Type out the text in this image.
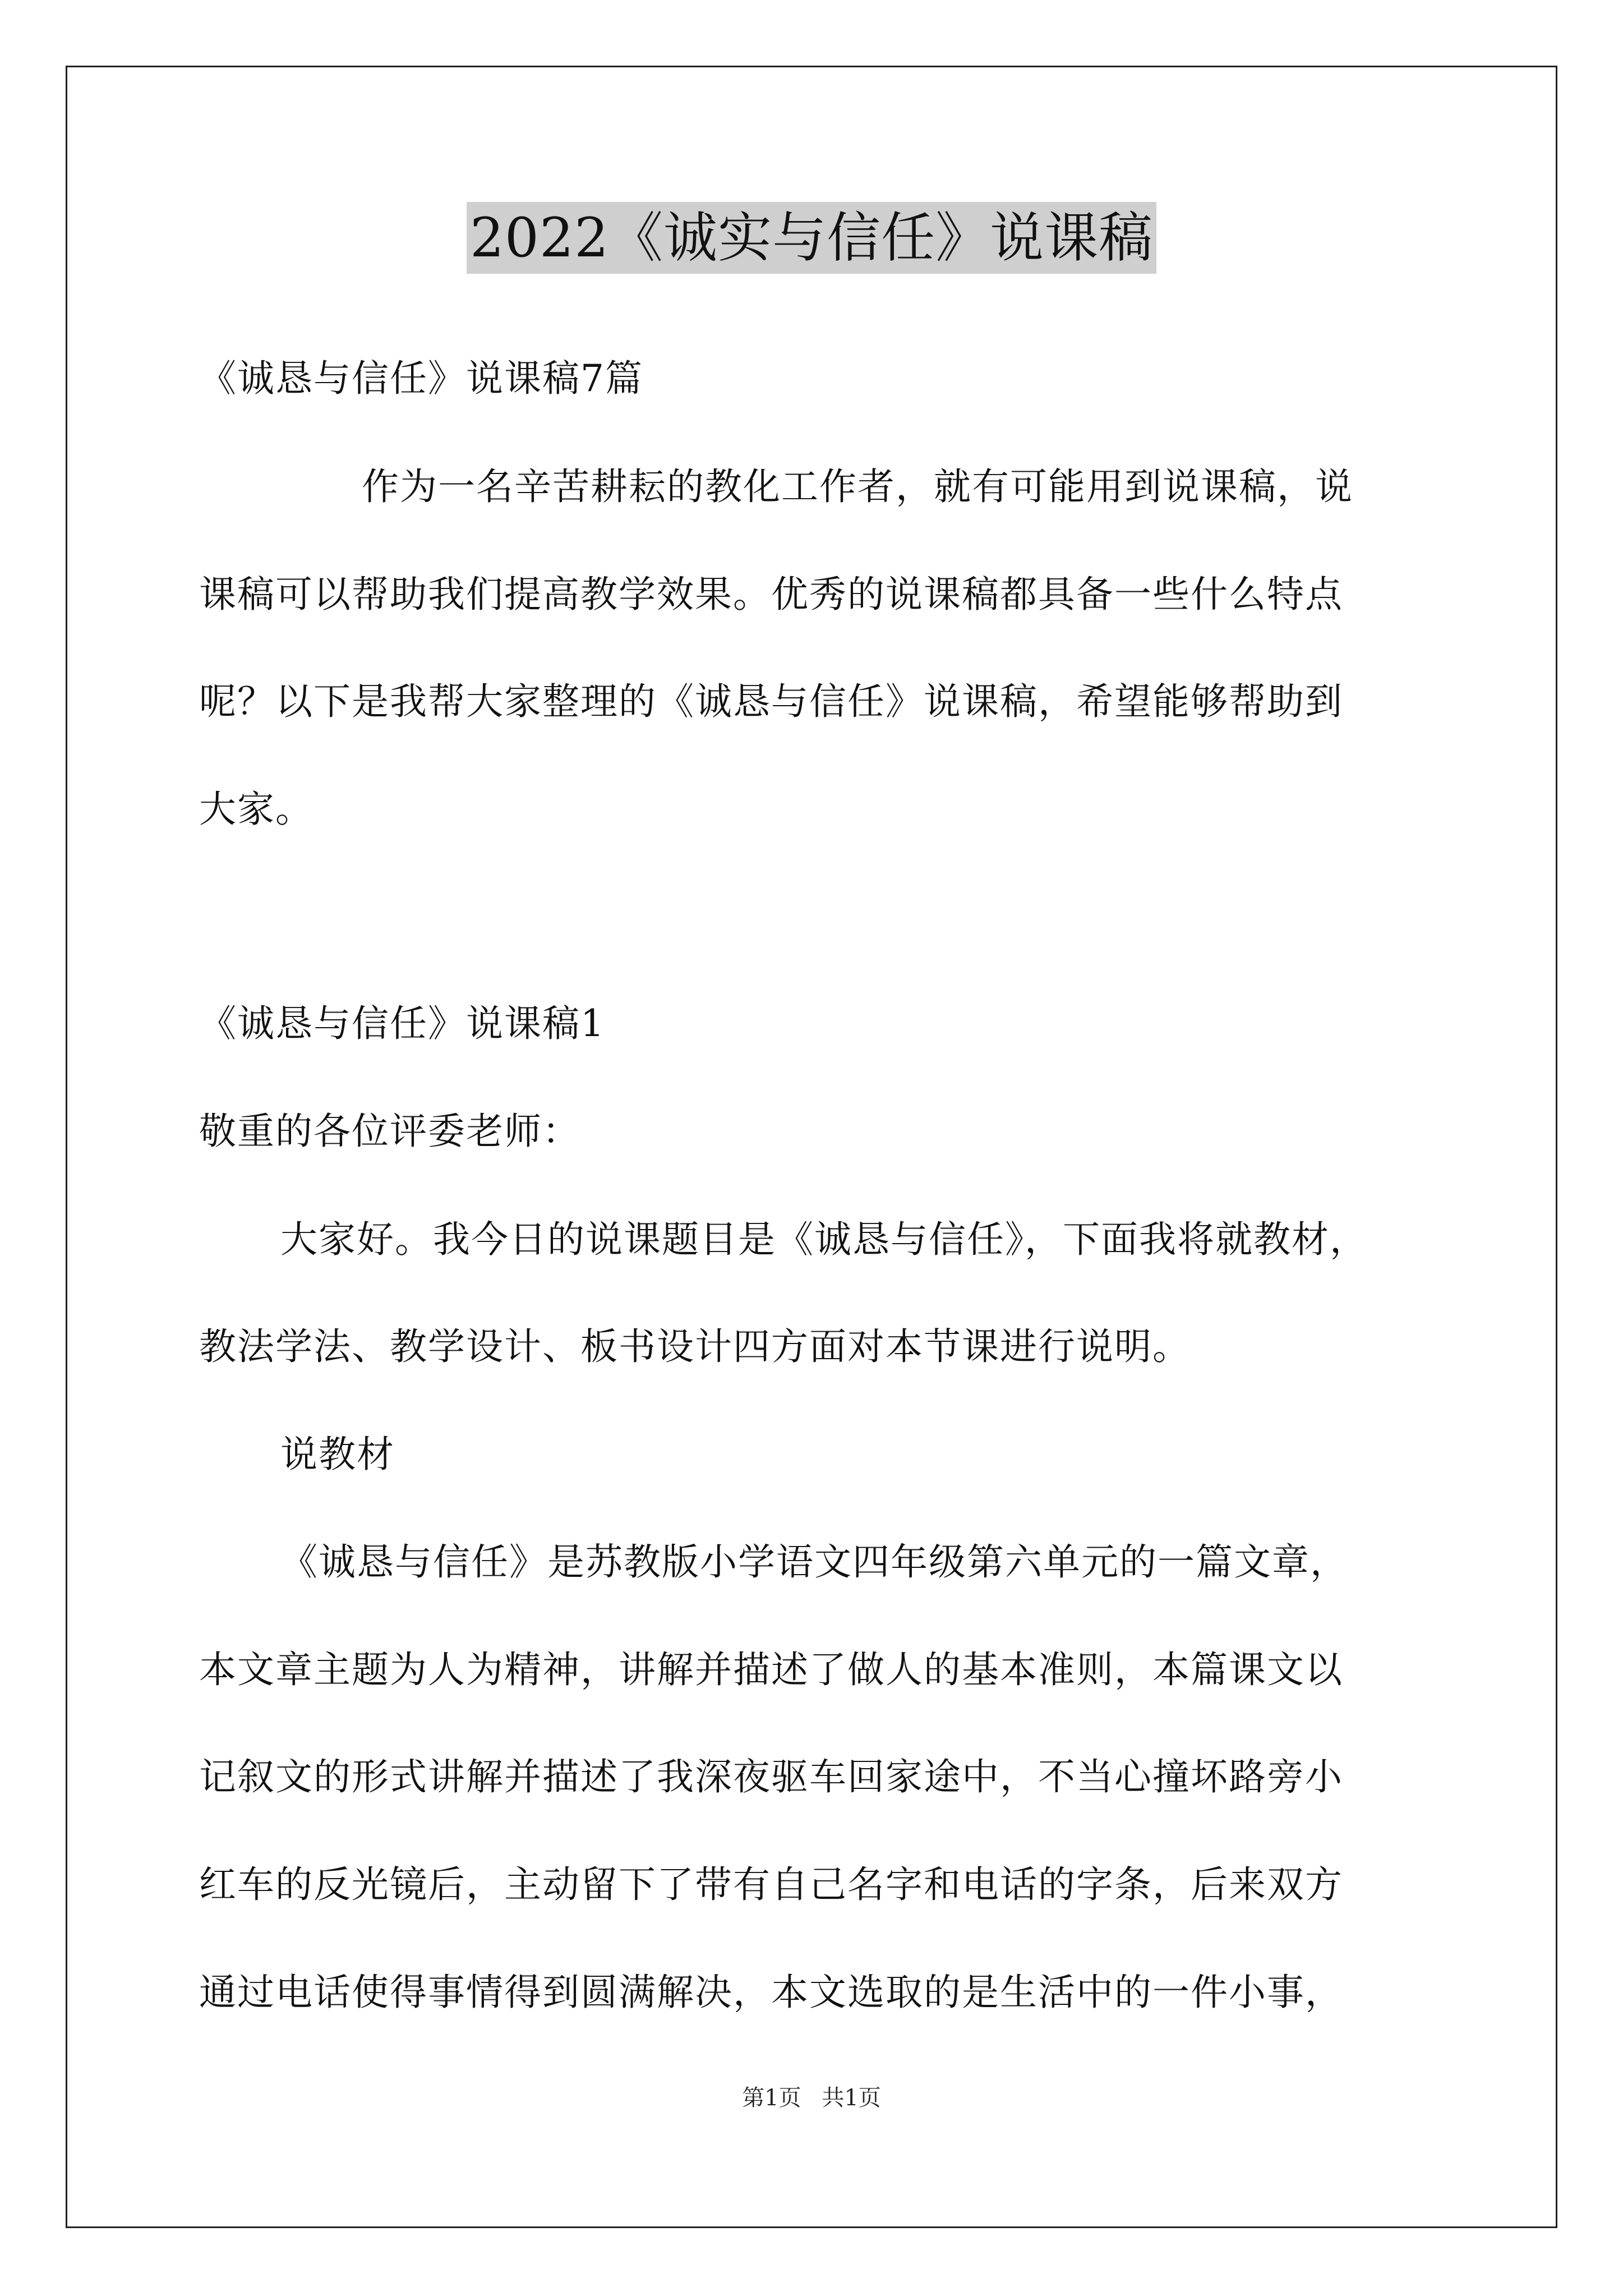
2022《诚实与信任》说课稿
《诚恳与信任》说课稿7篇
作为一名辛苦耕耘的教化工作者，就有可能用到说课稿，说
课稿可以帮助我们提高教学效果。优秀的说课稿都具备一些什么特点
呢？以下是我帮大家整理的《诚恳与信任》说课稿，希望能够帮助到
大家。
《诚恳与信任》说课稿1
敬重的各位评委老师：
大家好。我今日的说课题目是《诚恳与信任》，下面我将就教材，
教法学法、教学设计、板书设计四方面对本节课进行说明。
说教材
《诚恳与信任》是苏教版小学语文四年级第六单元的一篇文章，
本文章主题为人为精神，讲解并描述了做人的基本准则，本篇课文以
记叙文的形式讲解并描述了我深夜驱车回家途中，不当心撞坏路旁小
红车的反光镜后，主动留下了带有自己名字和电话的字条，后来双方
通过电话使得事情得到圆满解决，本文选取的是生活中的一件小事，
第1页 共1页
